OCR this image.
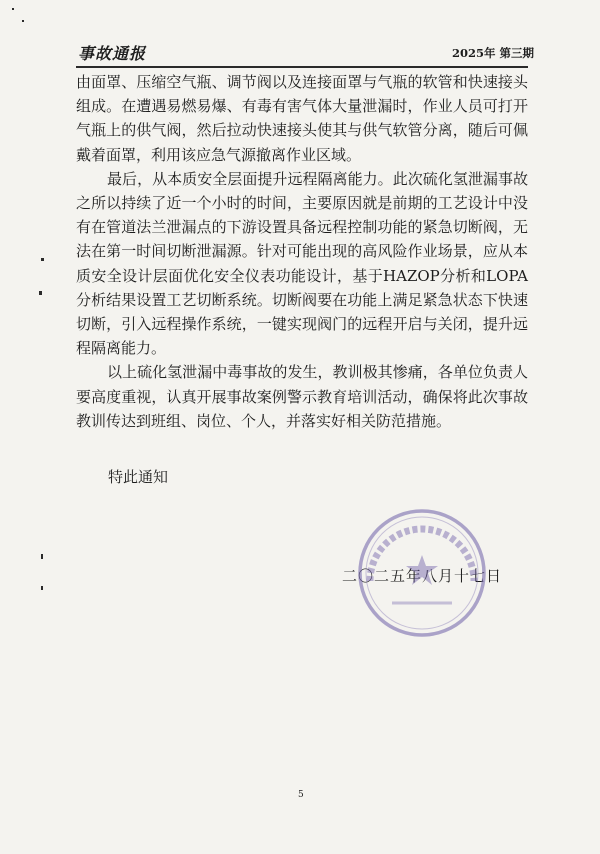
事故通报	2025年 第三期

由面罩、压缩空气瓶、调节阀以及连接面罩与气瓶的软管和快速接头组成。在遭遇易燃易爆、有毒有害气体大量泄漏时，作业人员可打开气瓶上的供气阀，然后拉动快速接头使其与供气软管分离，随后可佩戴着面罩，利用该应急气源撤离作业区域。

最后，从本质安全层面提升远程隔离能力。此次硫化氢泄漏事故之所以持续了近一个小时的时间，主要原因就是前期的工艺设计中没有在管道法兰泄漏点的下游设置具备远程控制功能的紧急切断阀，无法在第一时间切断泄漏源。针对可能出现的高风险作业场景，应从本质安全设计层面优化安全仪表功能设计，基于HAZOP分析和LOPA分析结果设置工艺切断系统。切断阀要在功能上满足紧急状态下快速切断，引入远程操作系统，一键实现阀门的远程开启与关闭，提升远程隔离能力。

以上硫化氢泄漏中毒事故的发生，教训极其惨痛，各单位负责人要高度重视，认真开展事故案例警示教育培训活动，确保将此次事故教训传达到班组、岗位、个人，并落实好相关防范措施。

特此通知
二〇二五年八月十七日
5
